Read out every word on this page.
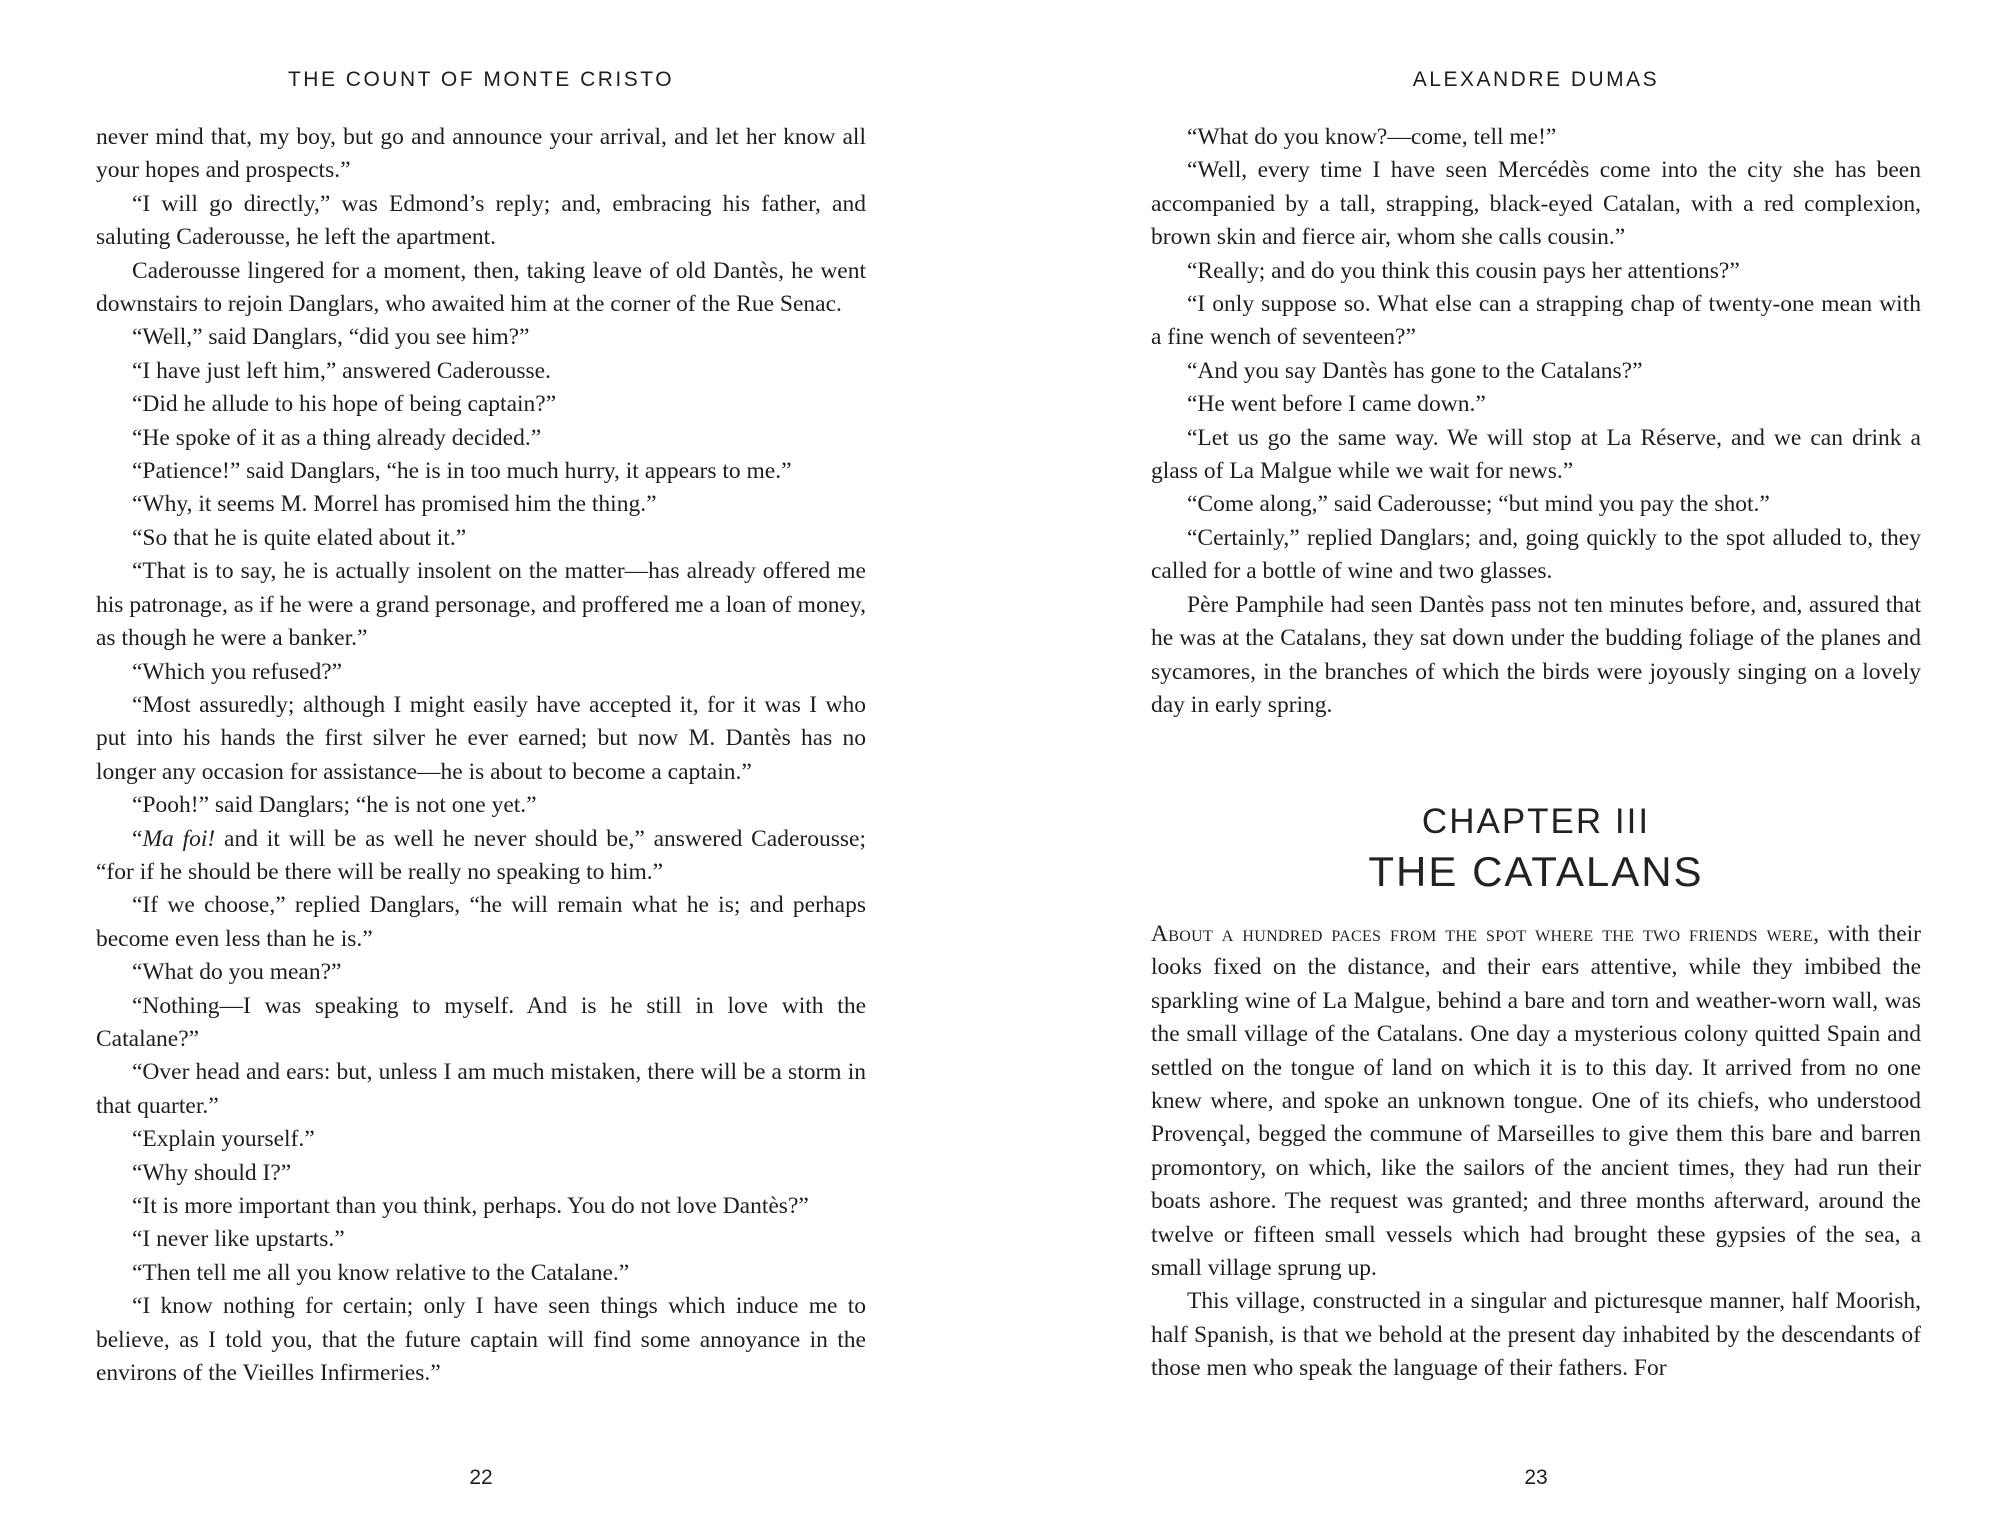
THE COUNT OF MONTE CRISTO

never mind that, my boy, but go and announce your arrival, and let her know all your hopes and prospects.”

“I will go directly,” was Edmond’s reply; and, embracing his father, and saluting Caderousse, he left the apartment.

Caderousse lingered for a moment, then, taking leave of old Dantès, he went downstairs to rejoin Danglars, who awaited him at the corner of the Rue Senac.

“Well,” said Danglars, “did you see him?”

“I have just left him,” answered Caderousse.

“Did he allude to his hope of being captain?”

“He spoke of it as a thing already decided.”

“Patience!” said Danglars, “he is in too much hurry, it appears to me.”

“Why, it seems M. Morrel has promised him the thing.”

“So that he is quite elated about it.”

“That is to say, he is actually insolent on the matter—has already offered me his patronage, as if he were a grand personage, and proffered me a loan of money, as though he were a banker.”

“Which you refused?”

“Most assuredly; although I might easily have accepted it, for it was I who put into his hands the first silver he ever earned; but now M. Dantès has no longer any occasion for assistance—he is about to become a captain.”

“Pooh!” said Danglars; “he is not one yet.”

“Ma foi! and it will be as well he never should be,” answered Caderousse; “for if he should be there will be really no speaking to him.”

“If we choose,” replied Danglars, “he will remain what he is; and perhaps become even less than he is.”

“What do you mean?”

“Nothing—I was speaking to myself. And is he still in love with the Catalane?”

“Over head and ears: but, unless I am much mistaken, there will be a storm in that quarter.”

“Explain yourself.”

“Why should I?”

“It is more important than you think, perhaps. You do not love Dantès?”

“I never like upstarts.”

“Then tell me all you know relative to the Catalane.”

“I know nothing for certain; only I have seen things which induce me to believe, as I told you, that the future captain will find some annoyance in the environs of the Vieilles Infirmeries.”

22
ALEXANDRE DUMAS

“What do you know?—come, tell me!”

“Well, every time I have seen Mercédès come into the city she has been accompanied by a tall, strapping, black-eyed Catalan, with a red complexion, brown skin and fierce air, whom she calls cousin.”

“Really; and do you think this cousin pays her attentions?”

“I only suppose so. What else can a strapping chap of twenty-one mean with a fine wench of seventeen?”

“And you say Dantès has gone to the Catalans?”

“He went before I came down.”

“Let us go the same way. We will stop at La Réserve, and we can drink a glass of La Malgue while we wait for news.”

“Come along,” said Caderousse; “but mind you pay the shot.”

“Certainly,” replied Danglars; and, going quickly to the spot alluded to, they called for a bottle of wine and two glasses.

Père Pamphile had seen Dantès pass not ten minutes before, and, assured that he was at the Catalans, they sat down under the budding foliage of the planes and sycamores, in the branches of which the birds were joyously singing on a lovely day in early spring.

CHAPTER III
THE CATALANS

About a hundred paces from the spot where the two friends were, with their looks fixed on the distance, and their ears attentive, while they imbibed the sparkling wine of La Malgue, behind a bare and torn and weather-worn wall, was the small village of the Catalans. One day a mysterious colony quitted Spain and settled on the tongue of land on which it is to this day. It arrived from no one knew where, and spoke an unknown tongue. One of its chiefs, who understood Provençal, begged the commune of Marseilles to give them this bare and barren promontory, on which, like the sailors of the ancient times, they had run their boats ashore. The request was granted; and three months afterward, around the twelve or fifteen small vessels which had brought these gypsies of the sea, a small village sprung up.

This village, constructed in a singular and picturesque manner, half Moorish, half Spanish, is that we behold at the present day inhabited by the descendants of those men who speak the language of their fathers. For

23
